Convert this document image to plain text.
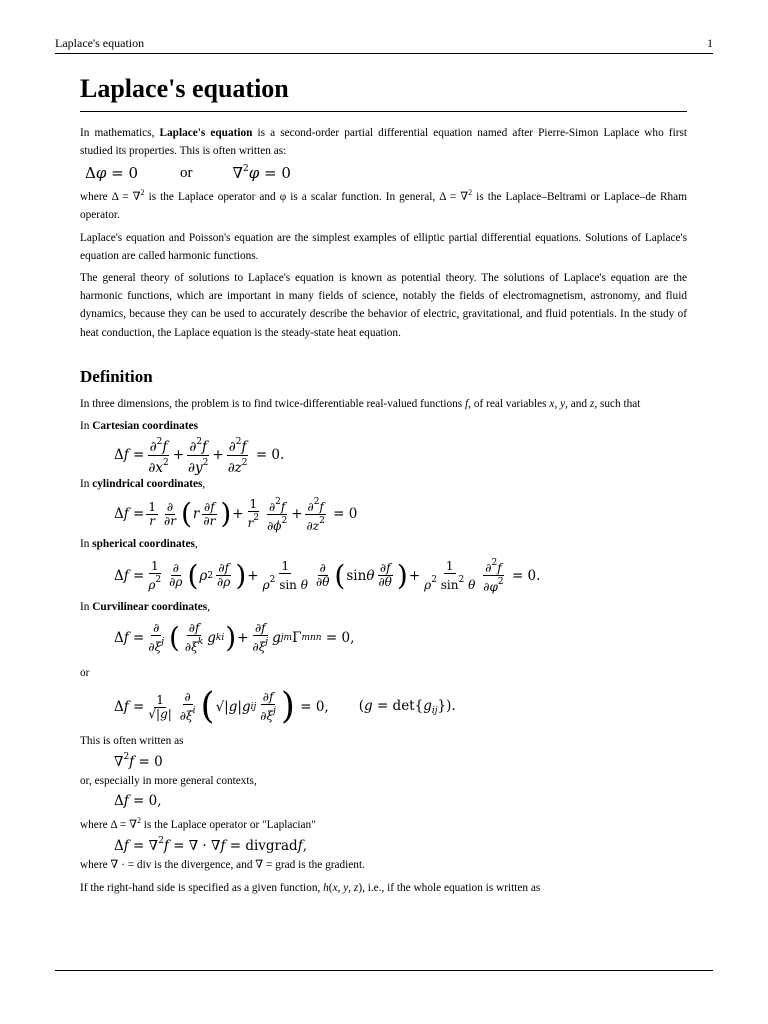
Laplace's equation	1
Laplace's equation

In mathematics, Laplace's equation is a second-order partial differential equation named after Pierre-Simon Laplace who first studied its properties. This is often written as:

Δφ = 0	or	∇$^2$φ = 0

where Δ = ∇$^2$ is the Laplace operator and φ is a scalar function. In general, Δ = ∇$^2$ is the Laplace–Beltrami or Laplace–de Rham operator.

Laplace's equation and Poisson's equation are the simplest examples of elliptic partial differential equations. Solutions of Laplace's equation are called harmonic functions.

The general theory of solutions to Laplace's equation is known as potential theory. The solutions of Laplace's equation are the harmonic functions, which are important in many fields of science, notably the fields of electromagnetism, astronomy, and fluid dynamics, because they can be used to accurately describe the behavior of electric, gravitational, and fluid potentials. In the study of heat conduction, the Laplace equation is the steady-state heat equation.

Definition

In three dimensions, the problem is to find twice-differentiable real-valued functions f, of real variables x, y, and z, such that

In Cartesian coordinates

$\Delta f = \frac{\partial^2f}{\partial x^2} + \frac{\partial^2f}{\partial y^2} + \frac{\partial^2f}{\partial z^2} = 0$.

In cylindrical coordinates,

$\Delta f = \frac{1}{r} \frac{\partial}{\partial r}$ ( r $\frac{\partial f}{\partial r}$ ) + $\frac{1}{r^2} \frac{\partial^2f}{\partial\phi^2} + \frac{\partial^2f}{\partial z^2} = 0$

In spherical coordinates,

$\Delta f = \frac{1}{\rho^2} \frac{\partial}{\partial\rho}$ ( ρ $2 \frac{\partial f}{\partial\rho}$ ) + $\frac{1}{\rho^2 \sin \theta} \frac{\partial}{\partial\theta}$ ( sin θ $\frac{\partial f}{\partial\theta}$ ) + $\frac{1}{\rho^2 \sin^2 \theta} \frac{\partial^2f}{\partial\varphi^2} = 0$.

In Curvilinear coordinates,

$\Delta f = \frac{\partial}{\partial\xi^j}$ ( $\frac{\partial f}{\partial\xi^k}$ g ki ) + $\frac{\partial f}{\partial\xi^j}$ g jm Γ mn n = 0,

or

$\Delta f = \frac{1}{√|g|} \frac{\partial}{\partial\xi^i}$ ( √| g | g ij $\frac{\partial f}{\partial\xi^j}$ ) = 0, $(g = \det\{g_{ij}\})$.

This is often written as

∇$^2$f = 0

or, especially in more general contexts,

Δf = 0,

where Δ = ∇$^2$ is the Laplace operator or "Laplacian"

Δf = ∇$^2$f = ∇ · ∇f = divgradf,

where ∇ · = div is the divergence, and ∇ = grad is the gradient.

If the right-hand side is specified as a given function, h(x, y, z), i.e., if the whole equation is written as
